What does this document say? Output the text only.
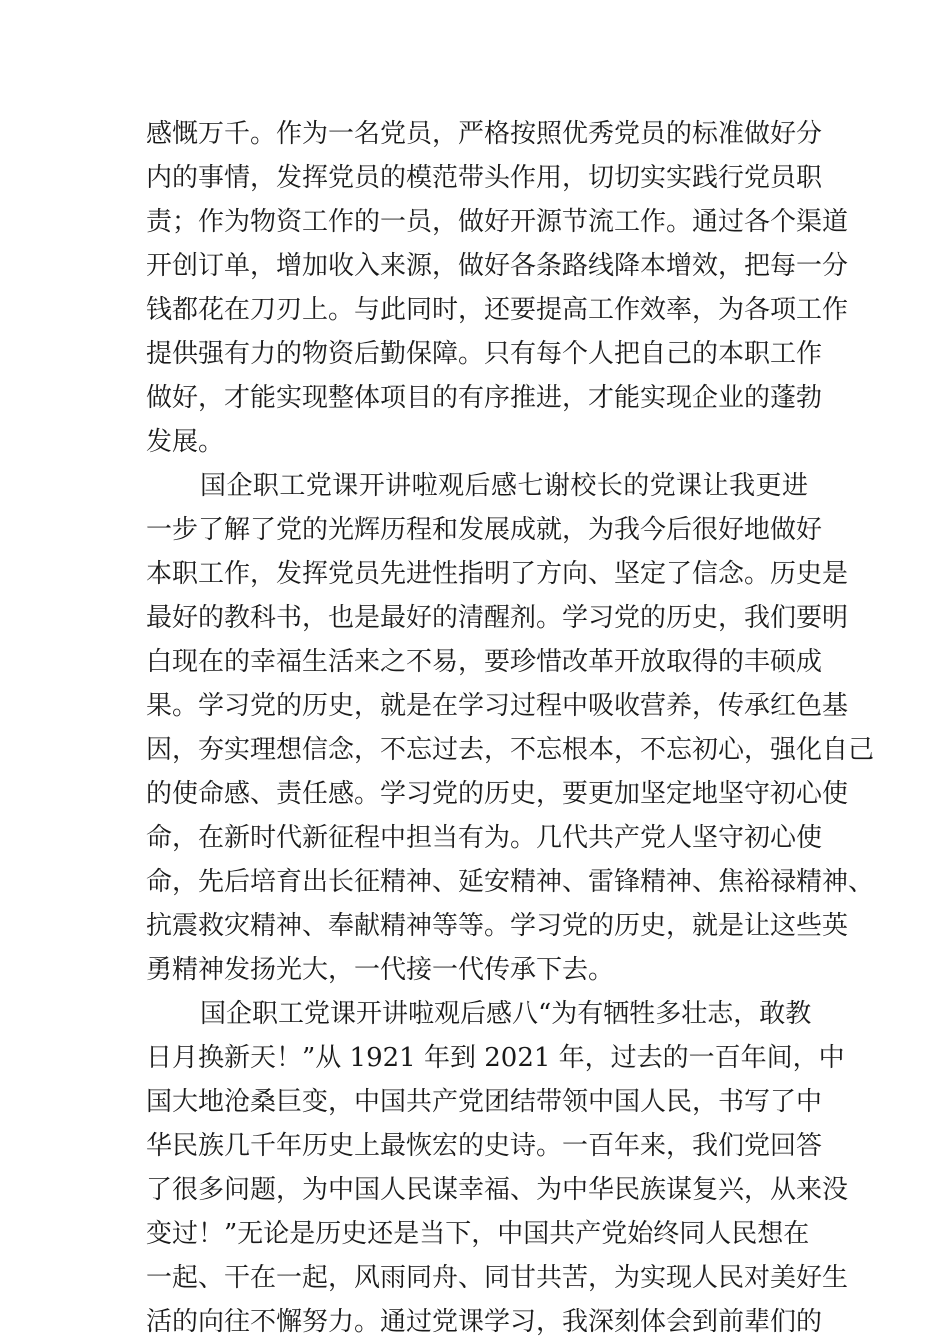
感慨万千。作为一名党员，严格按照优秀党员的标准做好分
内的事情，发挥党员的模范带头作用，切切实实践行党员职
责；作为物资工作的一员，做好开源节流工作。通过各个渠道
开创订单，增加收入来源，做好各条路线降本增效，把每一分
钱都花在刀刃上。与此同时，还要提高工作效率，为各项工作
提供强有力的物资后勤保障。只有每个人把自己的本职工作
做好，才能实现整体项目的有序推进，才能实现企业的蓬勃
发展。
国企职工党课开讲啦观后感七谢校长的党课让我更进
一步了解了党的光辉历程和发展成就，为我今后很好地做好
本职工作，发挥党员先进性指明了方向、坚定了信念。历史是
最好的教科书，也是最好的清醒剂。学习党的历史，我们要明
白现在的幸福生活来之不易，要珍惜改革开放取得的丰硕成
果。学习党的历史，就是在学习过程中吸收营养，传承红色基
因，夯实理想信念，不忘过去，不忘根本，不忘初心，强化自己
的使命感、责任感。学习党的历史，要更加坚定地坚守初心使
命，在新时代新征程中担当有为。几代共产党人坚守初心使
命，先后培育出长征精神、延安精神、雷锋精神、焦裕禄精神、
抗震救灾精神、奉献精神等等。学习党的历史，就是让这些英
勇精神发扬光大，一代接一代传承下去。
国企职工党课开讲啦观后感八“为有牺牲多壮志，敢教
日月换新天！”从 1921 年到 2021 年，过去的一百年间，中
国大地沧桑巨变，中国共产党团结带领中国人民，书写了中
华民族几千年历史上最恢宏的史诗。一百年来，我们党回答
了很多问题，为中国人民谋幸福、为中华民族谋复兴，从来没
变过！”无论是历史还是当下，中国共产党始终同人民想在
一起、干在一起，风雨同舟、同甘共苦，为实现人民对美好生
活的向往不懈努力。通过党课学习，我深刻体会到前辈们的
